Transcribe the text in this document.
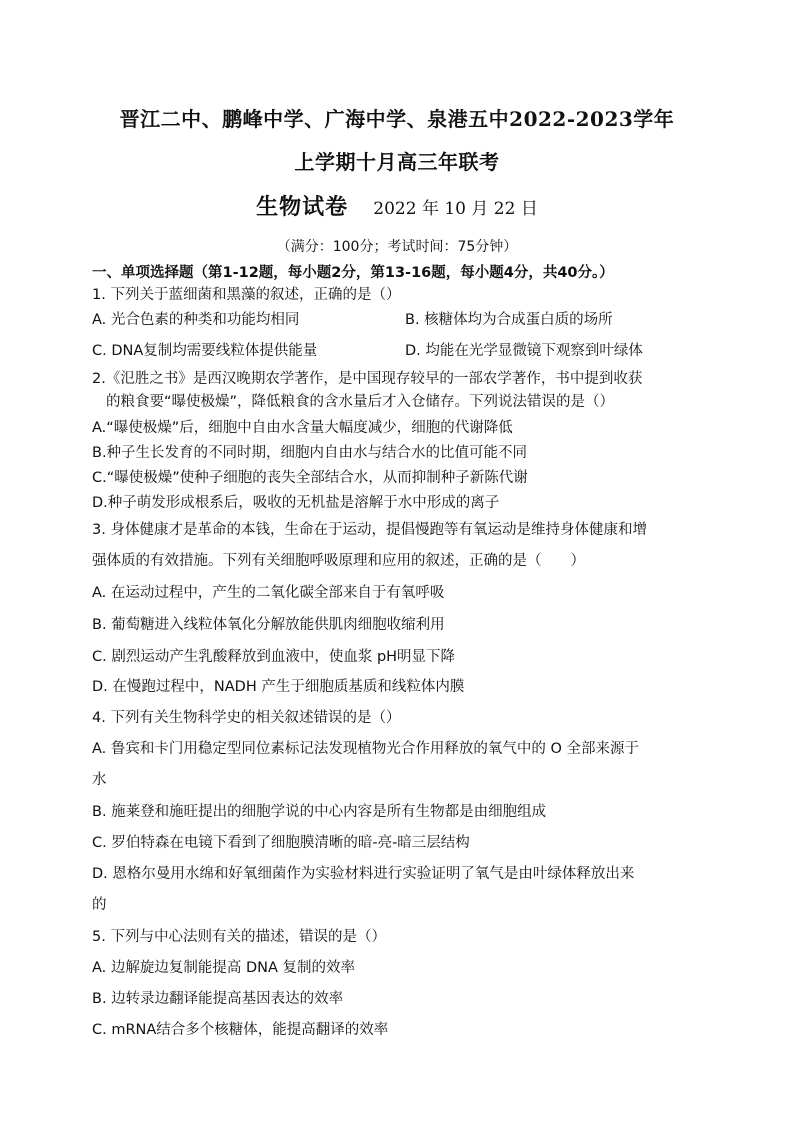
晋江二中、鹏峰中学、广海中学、泉港五中2022-2023学年
上学期十月高三年联考
生物试卷 2022 年 10 月 22 日
（满分：100分；考试时间：75分钟）
一、单项选择题（第1-12题，每小题2分，第13-16题，每小题4分，共40分。）
1. 下列关于蓝细菌和黑藻的叙述，正确的是（）
A. 光合色素的种类和功能均相同	B. 核糖体均为合成蛋白质的场所
C. DNA复制均需要线粒体提供能量	D. 均能在光学显微镜下观察到叶绿体
2.《氾胜之书》是西汉晚期农学著作，是中国现存较早的一部农学著作，书中提到收获
的粮食要“曝使极燥”，降低粮食的含水量后才入仓储存。下列说法错误的是（）
A.“曝使极燥”后，细胞中自由水含量大幅度减少，细胞的代谢降低
B.种子生长发育的不同时期，细胞内自由水与结合水的比值可能不同
C.“曝使极燥”使种子细胞的丧失全部结合水，从而抑制种子新陈代谢
D.种子萌发形成根系后，吸收的无机盐是溶解于水中形成的离子
3. 身体健康才是革命的本钱，生命在于运动，提倡慢跑等有氧运动是维持身体健康和增
强体质的有效措施。下列有关细胞呼吸原理和应用的叙述，正确的是（　　）
A. 在运动过程中，产生的二氧化碳全部来自于有氧呼吸
B. 葡萄糖进入线粒体氧化分解放能供肌肉细胞收缩利用
C. 剧烈运动产生乳酸释放到血液中，使血浆 pH明显下降
D. 在慢跑过程中，NADH 产生于细胞质基质和线粒体内膜
4. 下列有关生物科学史的相关叙述错误的是（）
A. 鲁宾和卡门用稳定型同位素标记法发现植物光合作用释放的氧气中的 O 全部来源于
水
B. 施莱登和施旺提出的细胞学说的中心内容是所有生物都是由细胞组成
C. 罗伯特森在电镜下看到了细胞膜清晰的暗-亮-暗三层结构
D. 恩格尔曼用水绵和好氧细菌作为实验材料进行实验证明了氧气是由叶绿体释放出来
的
5. 下列与中心法则有关的描述，错误的是（）
A. 边解旋边复制能提高 DNA 复制的效率
B. 边转录边翻译能提高基因表达的效率
C. mRNA结合多个核糖体，能提高翻译的效率
